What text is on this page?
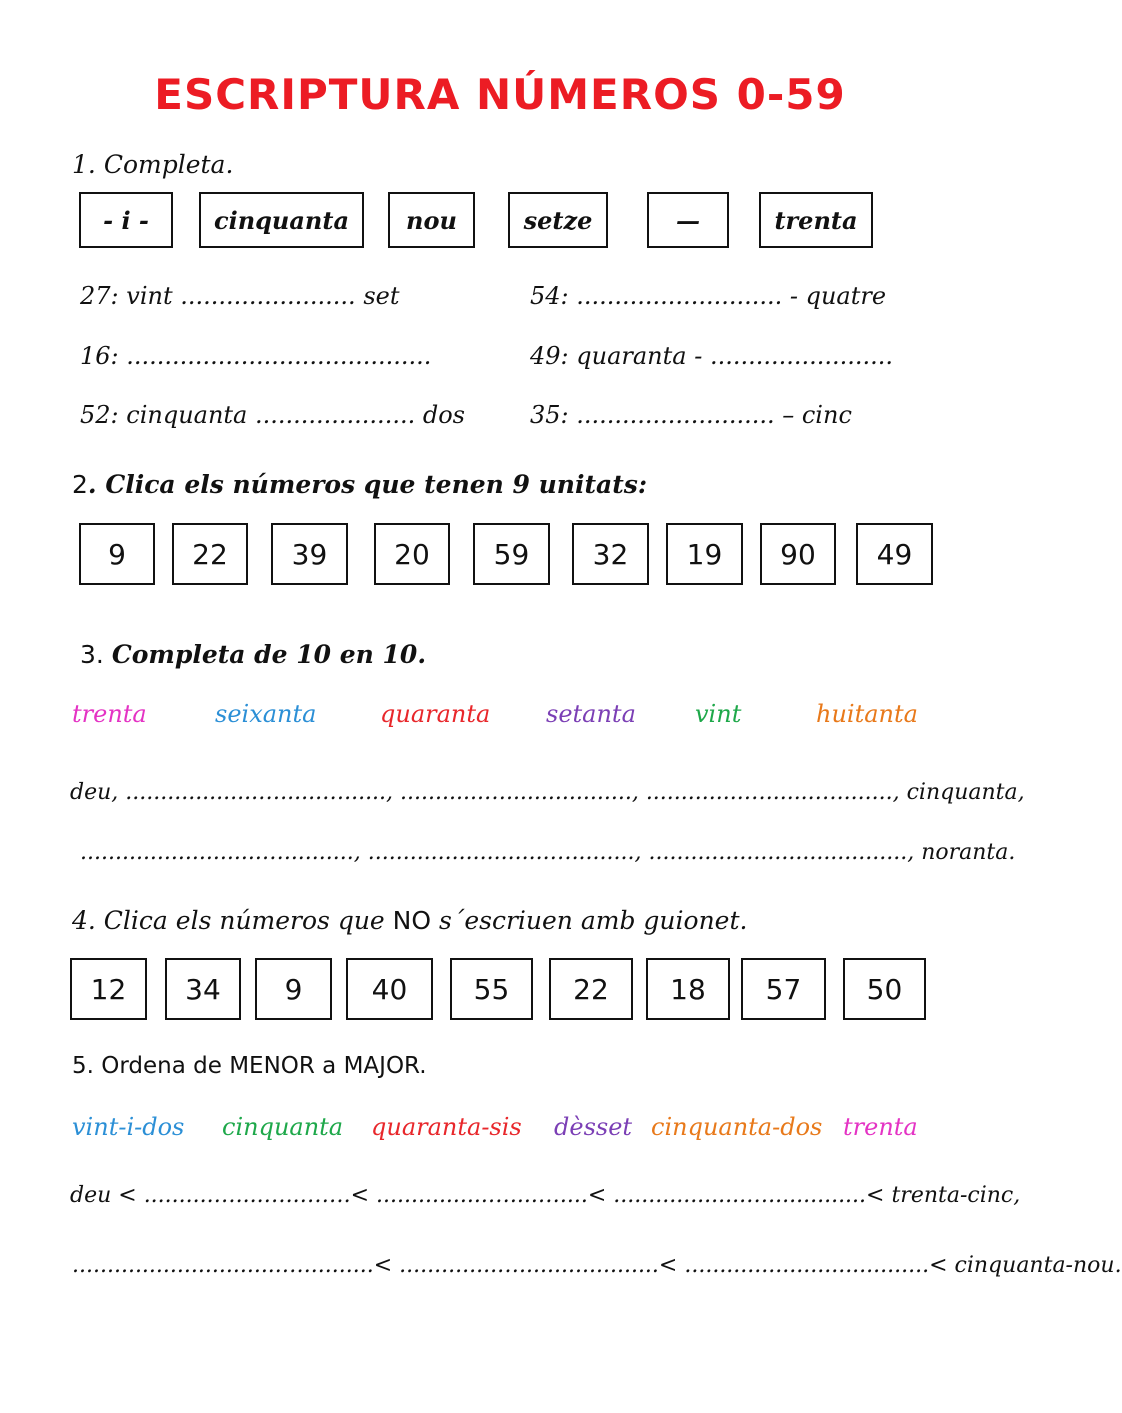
ESCRIPTURA NÚMEROS 0-59
1. Completa.
- i -	cinquanta	nou	setze	—	trenta
27: vint ....................... set	54: ........................... - quatre
16: ........................................	49: quaranta - ........................
52: cinquanta ..................... dos	35: .......................... – cinc
2. Clica els números que tenen 9 unitats:
9	22	39	20	59	32	19	90	49
3. Completa de 10 en 10.
trenta	seixanta	quaranta setanta vint	huitanta
deu, ...................…......…......, ............….................., ..............….......…........, cinquanta,
..........................….........., ..........................…........., ....................................., noranta.
4. Clica els números que NO s´escriuen amb guionet.
12	34	9	40	55	22	18	57	50
5. Ordena de MENOR a MAJOR.
vint-i-dos cinquanta quaranta-sis dèsset cinquanta-dos trenta
deu < ..........…....…..…….< ................…....…....< ...................…..............< trenta-cinc,
..............................…..........< ..............…....................< ...................................< cinquanta-nou.
